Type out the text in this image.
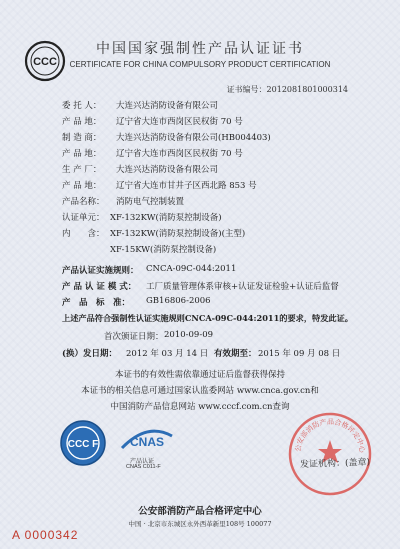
CCC
中国国家强制性产品认证证书
CERTIFICATE FOR CHINA COMPULSORY PRODUCT CERTIFICATION
证书编号：2012081801000314
委 托 人： 大连兴达消防设备有限公司
产 品 地： 辽宁省大连市西岗区民权街 70 号
制 造 商： 大连兴达消防设备有限公司(HB004403)
产 品 地： 辽宁省大连市西岗区民权街 70 号
生 产 厂： 大连兴达消防设备有限公司
产 品 地： 辽宁省大连市甘井子区西北路 853 号
产品名称： 消防电气控制装置
认证单元： XF-132KW(消防泵控制设备)
内　　含： XF-132KW(消防泵控制设备)(主型)
XF-15KW(消防泵控制设备)
产品认证实施规则： CNCA-09C-044:2011
产 品 认 证 模 式： 工厂质量管理体系审核+认证发证检验+认证后监督
产　品　标　准： GB16806-2006
上述产品符合强制性认证实施规则CNCA-09C-044:2011的要求，特发此证。
首次颁证日期： 2010-09-09
(换）发日期： 2012 年 03 月 14 日 有效期至： 2015 年 09 月 08 日
本证书的有效性需依靠通过证后监督获得保持
本证书的相关信息可通过国家认监委网站 www.cnca.gov.cn和
中国消防产品信息网站 www.cccf.com.cn查询
CCC F	CNAS
产品认证
CNAS C011-F
公安部消防产品合格评定中心
发证机构：(盖章)
公安部消防产品合格评定中心
中国 · 北京市东城区永外西革新里108号 100077
A 0000342
